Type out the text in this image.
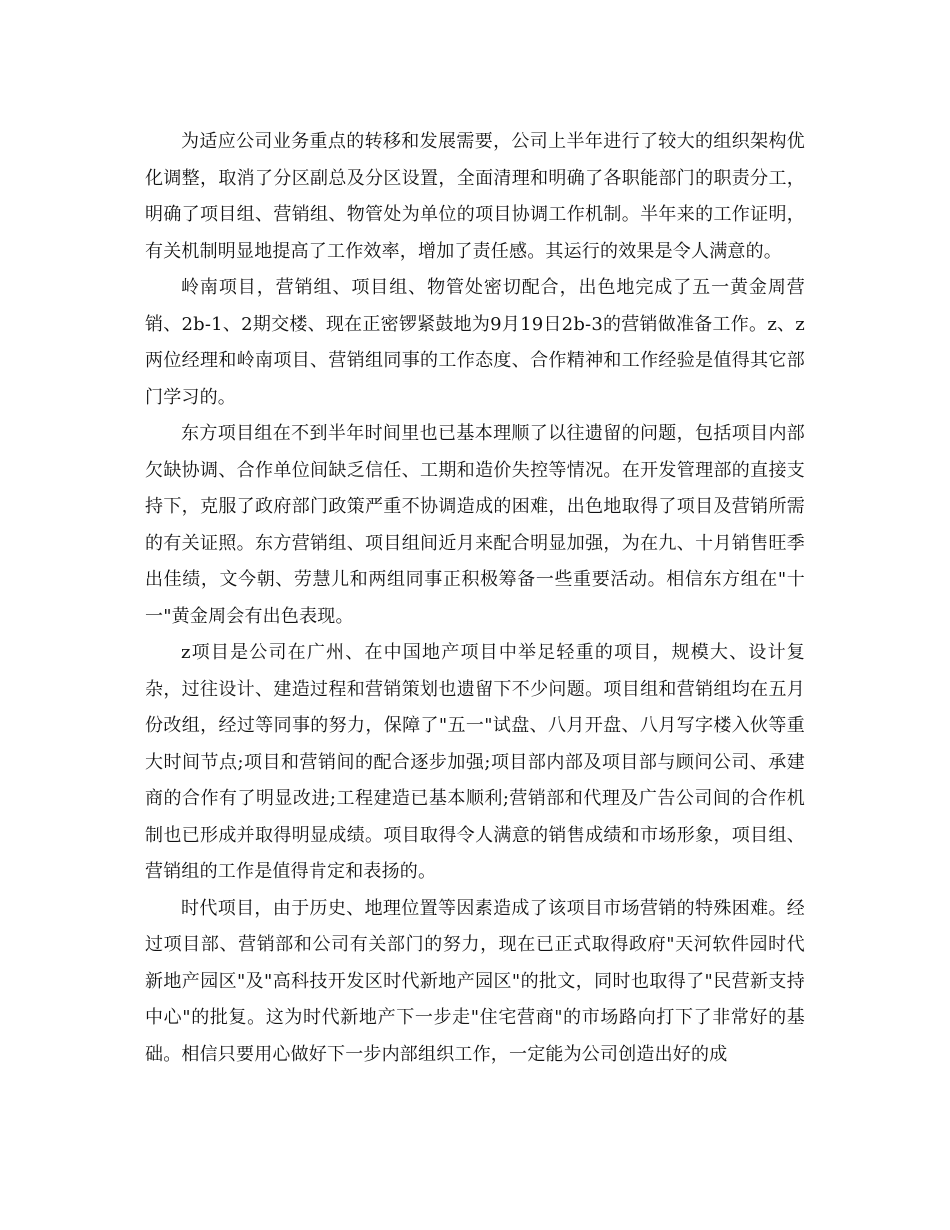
为适应公司业务重点的转移和发展需要，公司上半年进行了较大的组织架构优化调整，取消了分区副总及分区设置，全面清理和明确了各职能部门的职责分工，明确了项目组、营销组、物管处为单位的项目协调工作机制。半年来的工作证明，有关机制明显地提高了工作效率，增加了责任感。其运行的效果是令人满意的。

岭南项目，营销组、项目组、物管处密切配合，出色地完成了五一黄金周营销、2b-1、2期交楼、现在正密锣紧鼓地为9月19日2b-3的营销做准备工作。z、z两位经理和岭南项目、营销组同事的工作态度、合作精神和工作经验是值得其它部门学习的。

东方项目组在不到半年时间里也已基本理顺了以往遗留的问题，包括项目内部欠缺协调、合作单位间缺乏信任、工期和造价失控等情况。在开发管理部的直接支持下，克服了政府部门政策严重不协调造成的困难，出色地取得了项目及营销所需的有关证照。东方营销组、项目组间近月来配合明显加强，为在九、十月销售旺季出佳绩，文今朝、劳慧儿和两组同事正积极筹备一些重要活动。相信东方组在"十一"黄金周会有出色表现。

z项目是公司在广州、在中国地产项目中举足轻重的项目，规模大、设计复杂，过往设计、建造过程和营销策划也遗留下不少问题。项目组和营销组均在五月份改组，经过等同事的努力，保障了"五一"试盘、八月开盘、八月写字楼入伙等重大时间节点;项目和营销间的配合逐步加强;项目部内部及项目部与顾问公司、承建商的合作有了明显改进;工程建造已基本顺利;营销部和代理及广告公司间的合作机制也已形成并取得明显成绩。项目取得令人满意的销售成绩和市场形象，项目组、营销组的工作是值得肯定和表扬的。

时代项目，由于历史、地理位置等因素造成了该项目市场营销的特殊困难。经过项目部、营销部和公司有关部门的努力，现在已正式取得政府"天河软件园时代新地产园区"及"高科技开发区时代新地产园区"的批文，同时也取得了"民营新支持中心"的批复。这为时代新地产下一步走"住宅营商"的市场路向打下了非常好的基础。相信只要用心做好下一步内部组织工作，一定能为公司创造出好的成
